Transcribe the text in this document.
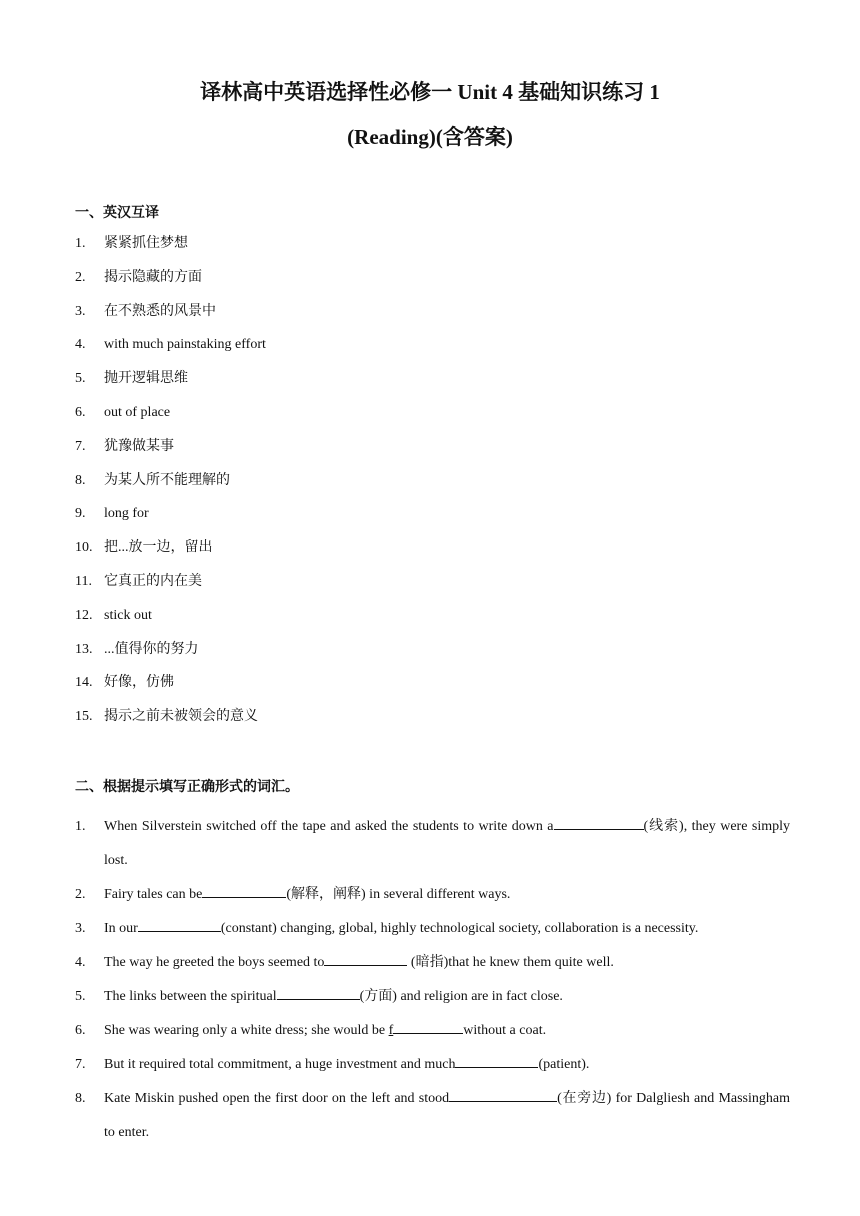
译林高中英语选择性必修一 Unit 4 基础知识练习 1
(Reading)(含答案)
一、英汉互译
1.	紧紧抓住梦想
2.	揭示隐藏的方面
3.	在不熟悉的风景中
4.	with much painstaking effort
5.	抛开逻辑思维
6.	out of place
7.	犹豫做某事
8.	为某人所不能理解的
9.	long for
10. 把...放一边，留出
11. 它真正的内在美
12. stick out
13. ...值得你的努力
14. 好像，仿佛
15. 揭示之前未被领会的意义
二、根据提示填写正确形式的词汇。
1.	When Silverstein switched off the tape and asked the students to write down a	(线索), they were simply lost.
2.	Fairy tales can be	(解释，阐释) in several different ways.
3.	In our	(constant) changing, global, highly technological society, collaboration is a necessity.
4.	The way he greeted the boys seemed to	(暗指)that he knew them quite well.
5.	The links between the spiritual	(方面) and religion are in fact close.
6.	She was wearing only a white dress; she would be f	without a coat.
7.	But it required total commitment, a huge investment and much	(patient).
8.	Kate Miskin pushed open the first door on the left and stood	(在旁边) for Dalgliesh and Massingham to enter.
